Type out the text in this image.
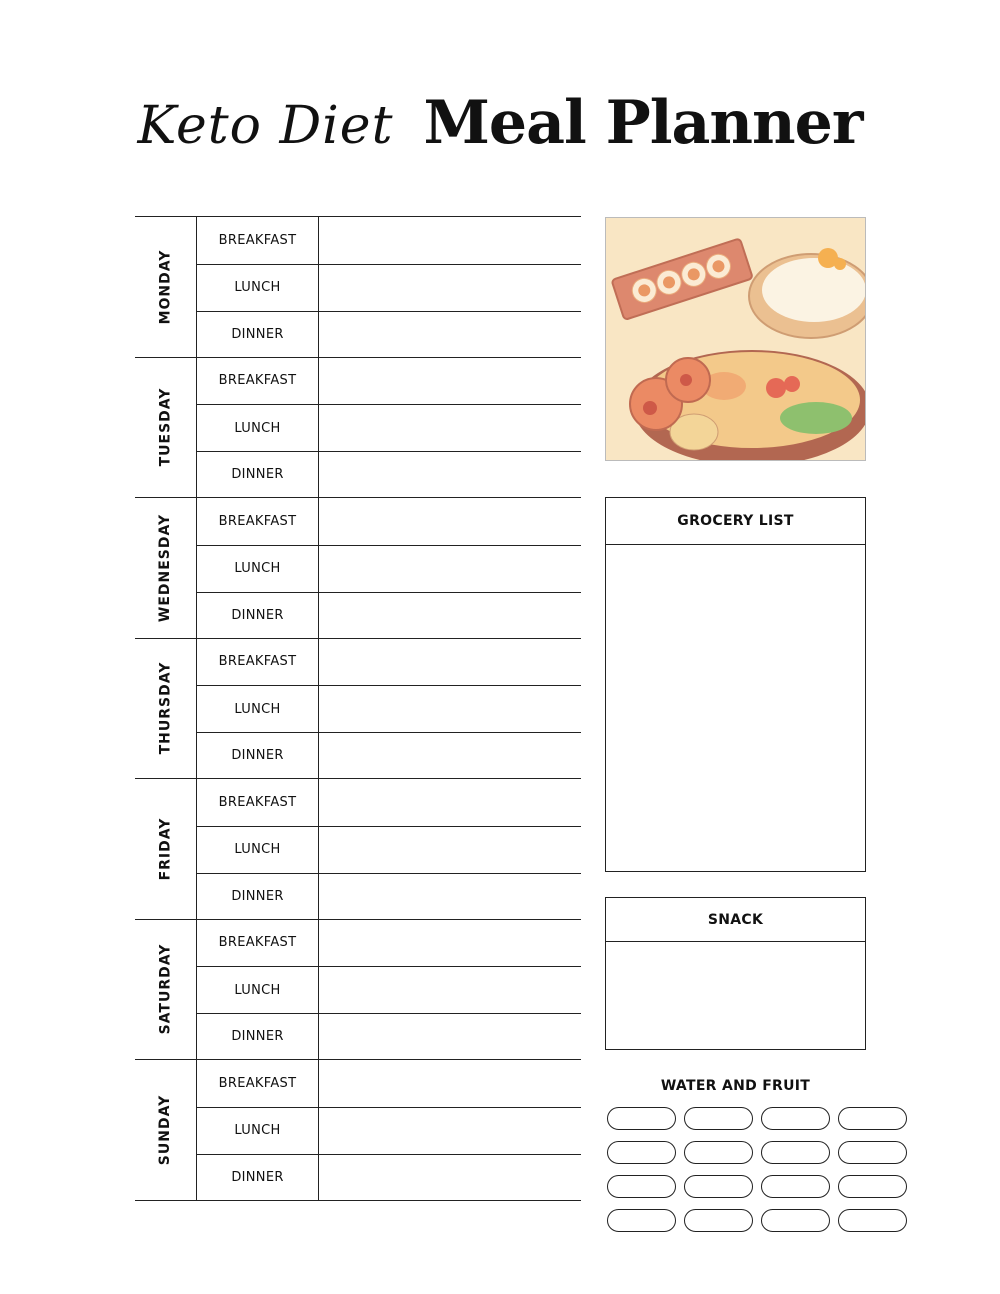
Keto Diet Meal Planner
MONDAY
BREAKFAST
LUNCH
DINNER
TUESDAY
BREAKFAST
LUNCH
DINNER
WEDNESDAY	BREAKFAST
LUNCH
DINNER
THURSDAY	BREAKFAST
LUNCH
DINNER
FRIDAY
BREAKFAST
LUNCH
DINNER
SATURDAY
BREAKFAST
LUNCH
DINNER
SUNDAY
BREAKFAST
LUNCH
DINNER
GROCERY LIST
SNACK
WATER AND FRUIT
